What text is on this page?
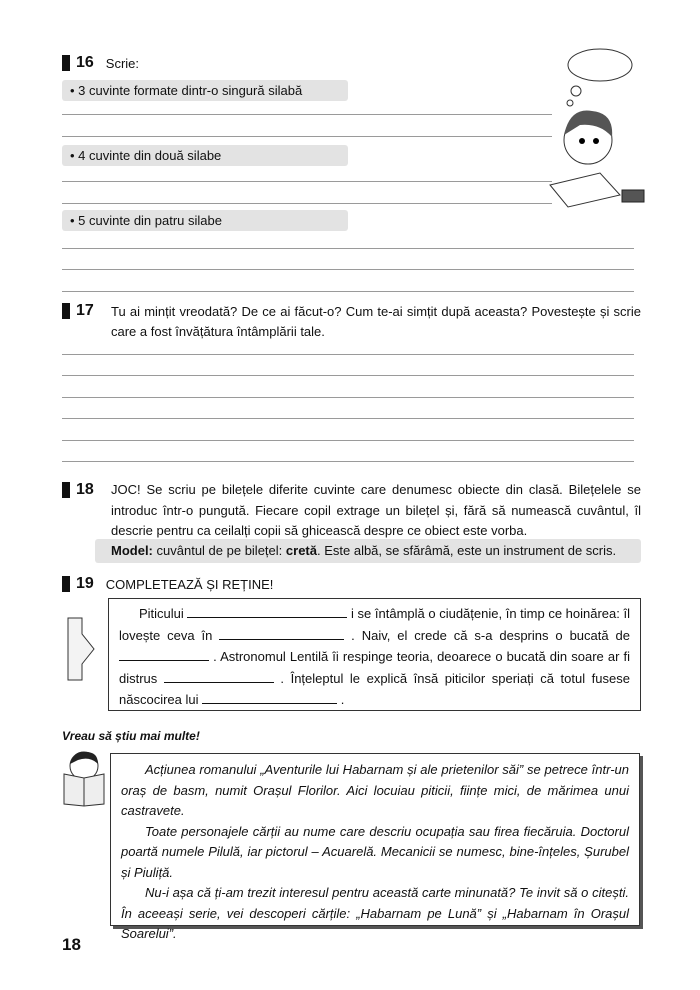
16 Scrie:
• 3 cuvinte formate dintr-o singură silabă
• 4 cuvinte din două silabe
• 5 cuvinte din patru silabe
17 Tu ai mințit vreodată? De ce ai făcut-o? Cum te-ai simțit după aceasta? Povestește și scrie care a fost învățătura întâmplării tale.
18 JOC! Se scriu pe bilețele diferite cuvinte care denumesc obiecte din clasă. Bilețelele se introduc într-o pungută. Fiecare copil extrage un bilețel și, fără să numească cuvântul, îl descrie pentru ca ceilalți copii să ghicească despre ce obiect este vorba.
Model: cuvântul de pe bilețel: cretă. Este albă, se sfărâmă, este un instrument de scris.
19 COMPLETEAZĂ ȘI REȚINE!
Piticului	i se întâmplă o ciudățenie, în timp ce hoinărea: îl lovește ceva în	. Naiv, el crede că s-a desprins o bucată de  . Astronomul Lentilă îi respinge teoria, deoarece o bucată din soare ar fi distrus	. Înțeleptul le explică însă piticilor speriați că totul fusese născocirea lui	.
Vreau să știu mai multe!
Acțiunea romanului „Aventurile lui Habarnam și ale prietenilor săi” se petrece într-un oraș de basm, numit Orașul Florilor. Aici locuiau piticii, ființe mici, de mărimea unui castravete.
Toate personajele cărții au nume care descriu ocupația sau firea fiecăruia. Doctorul poartă numele Pilulă, iar pictorul – Acuarelă. Mecanicii se numesc, bine-înțeles, Șurubel și Piuliță.
Nu-i așa că ți-am trezit interesul pentru această carte minunată? Te invit să o citești. În aceeași serie, vei descoperi cărțile: „Habarnam pe Lună” și „Habarnam în Orașul Soarelui”.
18
